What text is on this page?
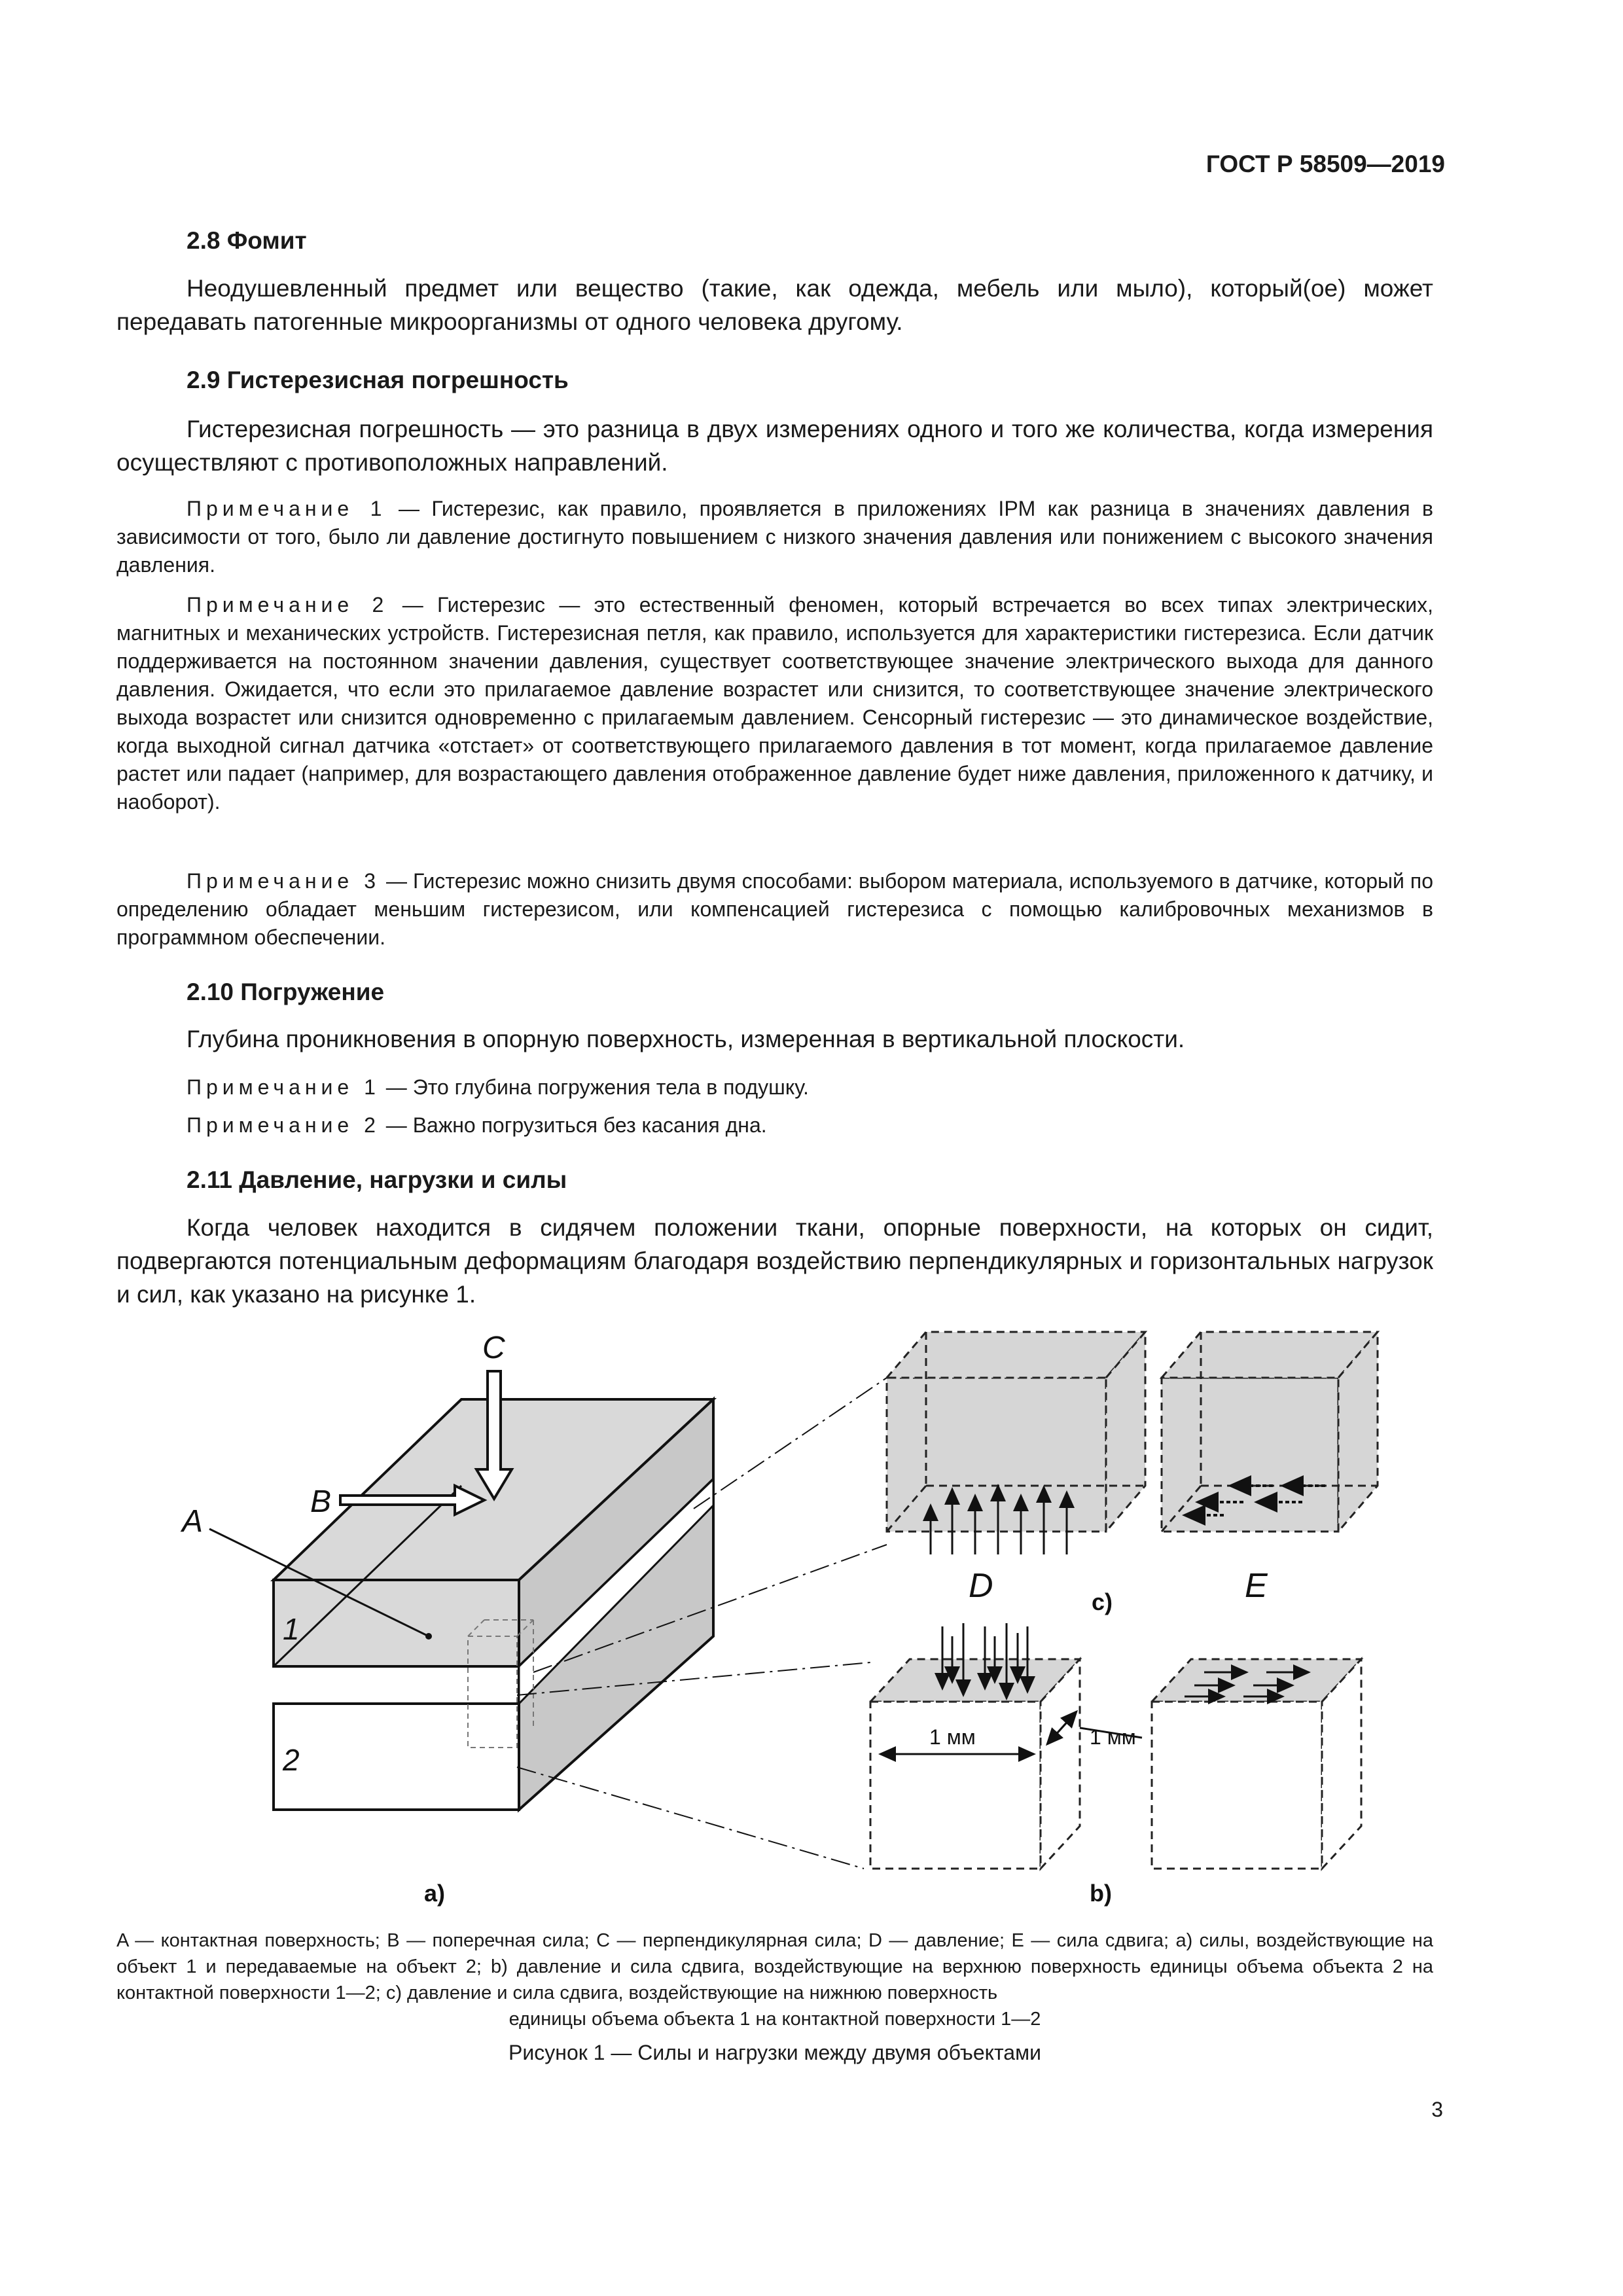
ГОСТ Р 58509—2019
2.8 Фомит
Неодушевленный предмет или вещество (такие, как одежда, мебель или мыло), который(ое) может передавать патогенные микроорганизмы от одного человека другому.
2.9 Гистерезисная погрешность
Гистерезисная погрешность — это разница в двух измерениях одного и того же количества, когда измерения осуществляют с противоположных направлений.
Примечание 1 — Гистерезис, как правило, проявляется в приложениях IPM как разница в значениях давления в зависимости от того, было ли давление достигнуто повышением с низкого значения давления или понижением с высокого значения давления.
Примечание 2 — Гистерезис — это естественный феномен, который встречается во всех типах электрических, магнитных и механических устройств. Гистерезисная петля, как правило, используется для характеристики гистерезиса. Если датчик поддерживается на постоянном значении давления, существует соответствующее значение электрического выхода для данного давления. Ожидается, что если это прилагаемое давление возрастет или снизится, то соответствующее значение электрического выхода возрастет или снизится одновременно с прилагаемым давлением. Сенсорный гистерезис — это динамическое воздействие, когда выходной сигнал датчика «отстает» от соответствующего прилагаемого давления в тот момент, когда прилагаемое давление растет или падает (например, для возрастающего давления отображенное давление будет ниже давления, приложенного к датчику, и наоборот).
Примечание 3 — Гистерезис можно снизить двумя способами: выбором материала, используемого в датчике, который по определению обладает меньшим гистерезисом, или компенсацией гистерезиса с помощью калибровочных механизмов в программном обеспечении.
2.10 Погружение
Глубина проникновения в опорную поверхность, измеренная в вертикальной плоскости.
Примечание 1 — Это глубина погружения тела в подушку.
Примечание 2 — Важно погрузиться без касания дна.
2.11 Давление, нагрузки и силы
Когда человек находится в сидячем положении ткани, опорные поверхности, на которых он сидит, подвергаются потенциальным деформациям благодаря воздействию перпендикулярных и горизонтальных нагрузок и сил, как указано на рисунке 1.
C
B
A
1
2
a)
D	c)	E
1 мм	1 мм
b)
A — контактная поверхность; B — поперечная сила; C — перпендикулярная сила; D — давление; E — сила сдвига; a) силы, воздействующие на объект 1 и передаваемые на объект 2; b) давление и сила сдвига, воздействующие на верхнюю поверхность единицы объема объекта 2 на контактной поверхности 1—2; c) давление и сила сдвига, воздействующие на нижнюю поверхность
единицы объема объекта 1 на контактной поверхности 1—2
Рисунок 1 — Силы и нагрузки между двумя объектами
3
